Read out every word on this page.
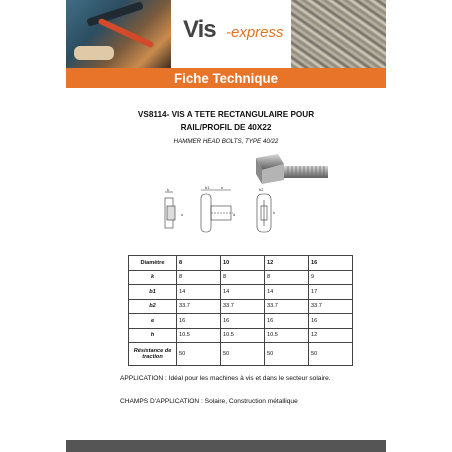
Vis -express
Fiche Technique
VS8114- VIS A TETE RECTANGULAIRE POUR
RAIL/PROFIL DE 40X22
HAMMER HEAD BOLTS, TYPE 40/22
k	b1	e	b2
h
d
s
Diamètre	8	10	12	16
k	8	8	8	9
b1	14	14	14	17
b2	33.7	33.7	33.7	33.7
e	16	16	16	16
h	10.5	10.5	10.5	12
Résistance de traction	50	50	50	50
APPLICATION : Idéal pour les machines à vis et dans le secteur solaire.
CHAMPS D'APPLICATION : Solaire, Construction métallique
